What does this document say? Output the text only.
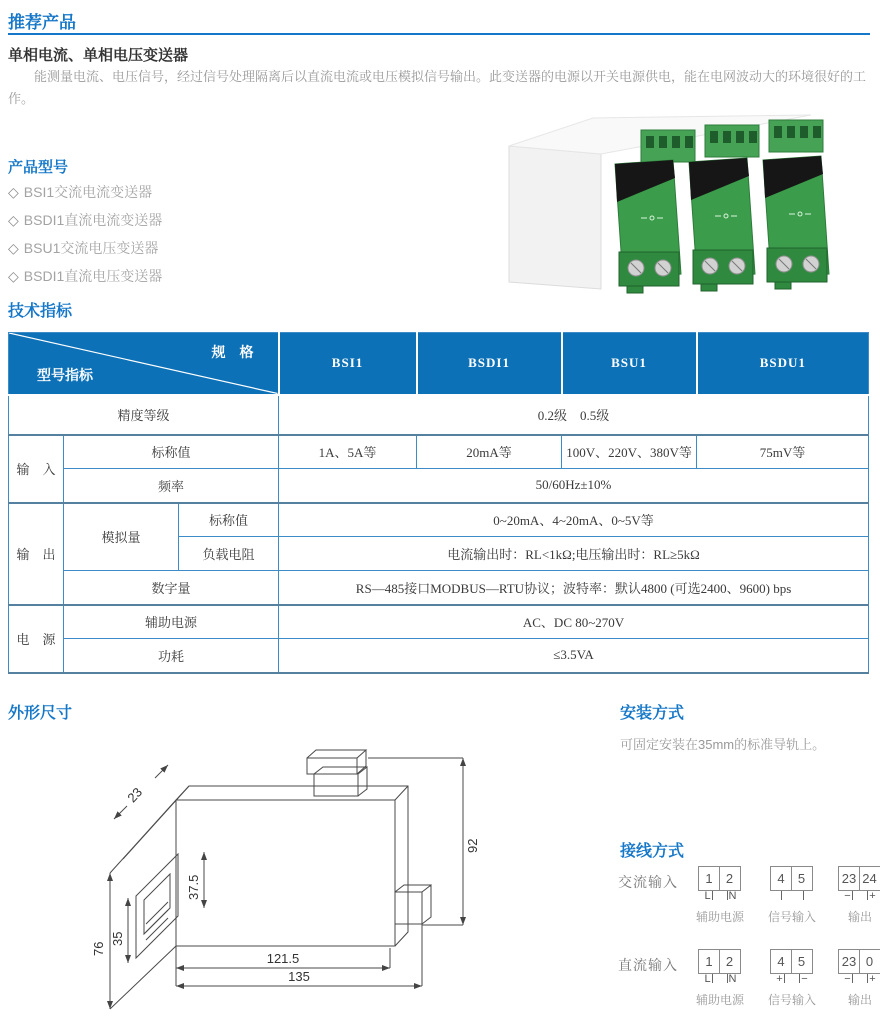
推荐产品
单相电流、单相电压变送器
能测量电流、电压信号，经过信号处理隔离后以直流电流或电压模拟信号输出。此变送器的电源以开关电源供电，能在电网波动大的环境很好的工作。
产品型号
◇ BSI1交流电流变送器
◇ BSDI1直流电流变送器
◇ BSU1交流电压变送器
◇ BSDI1直流电压变送器
技术指标
规　格
型号指标			BSI1	BSDI1	BSU1	BSDU1
精度等级			0.2级　0.5级			
输　入	标称值		1A、5A等	20mA等	100V、220V、380V等	75mV等
	频率		50/60Hz±10%			
输　出	模拟量	标称值	0~20mA、4~20mA、0~5V等			
		负载电阻	电流输出时：RL<1kΩ;电压输出时：RL≥5kΩ			
	数字量		RS—485接口MODBUS—RTU协议；波特率：默认4800 (可选2400、9600) bps			
电　源	辅助电源		AC、DC 80~270V			
	功耗		≤3.5VA			
外形尺寸	安装方式
可固定安装在35mm的标准导轨上。
接线方式
23
37.5
35
76
92
121.5
135
交流输入	1	2
L N
辅助电源
4	5
信号输入
23 24
− +
输出
直流输入	1	2
L N
辅助电源
4	5
+ −
信号输入
23 0
− +
输出
